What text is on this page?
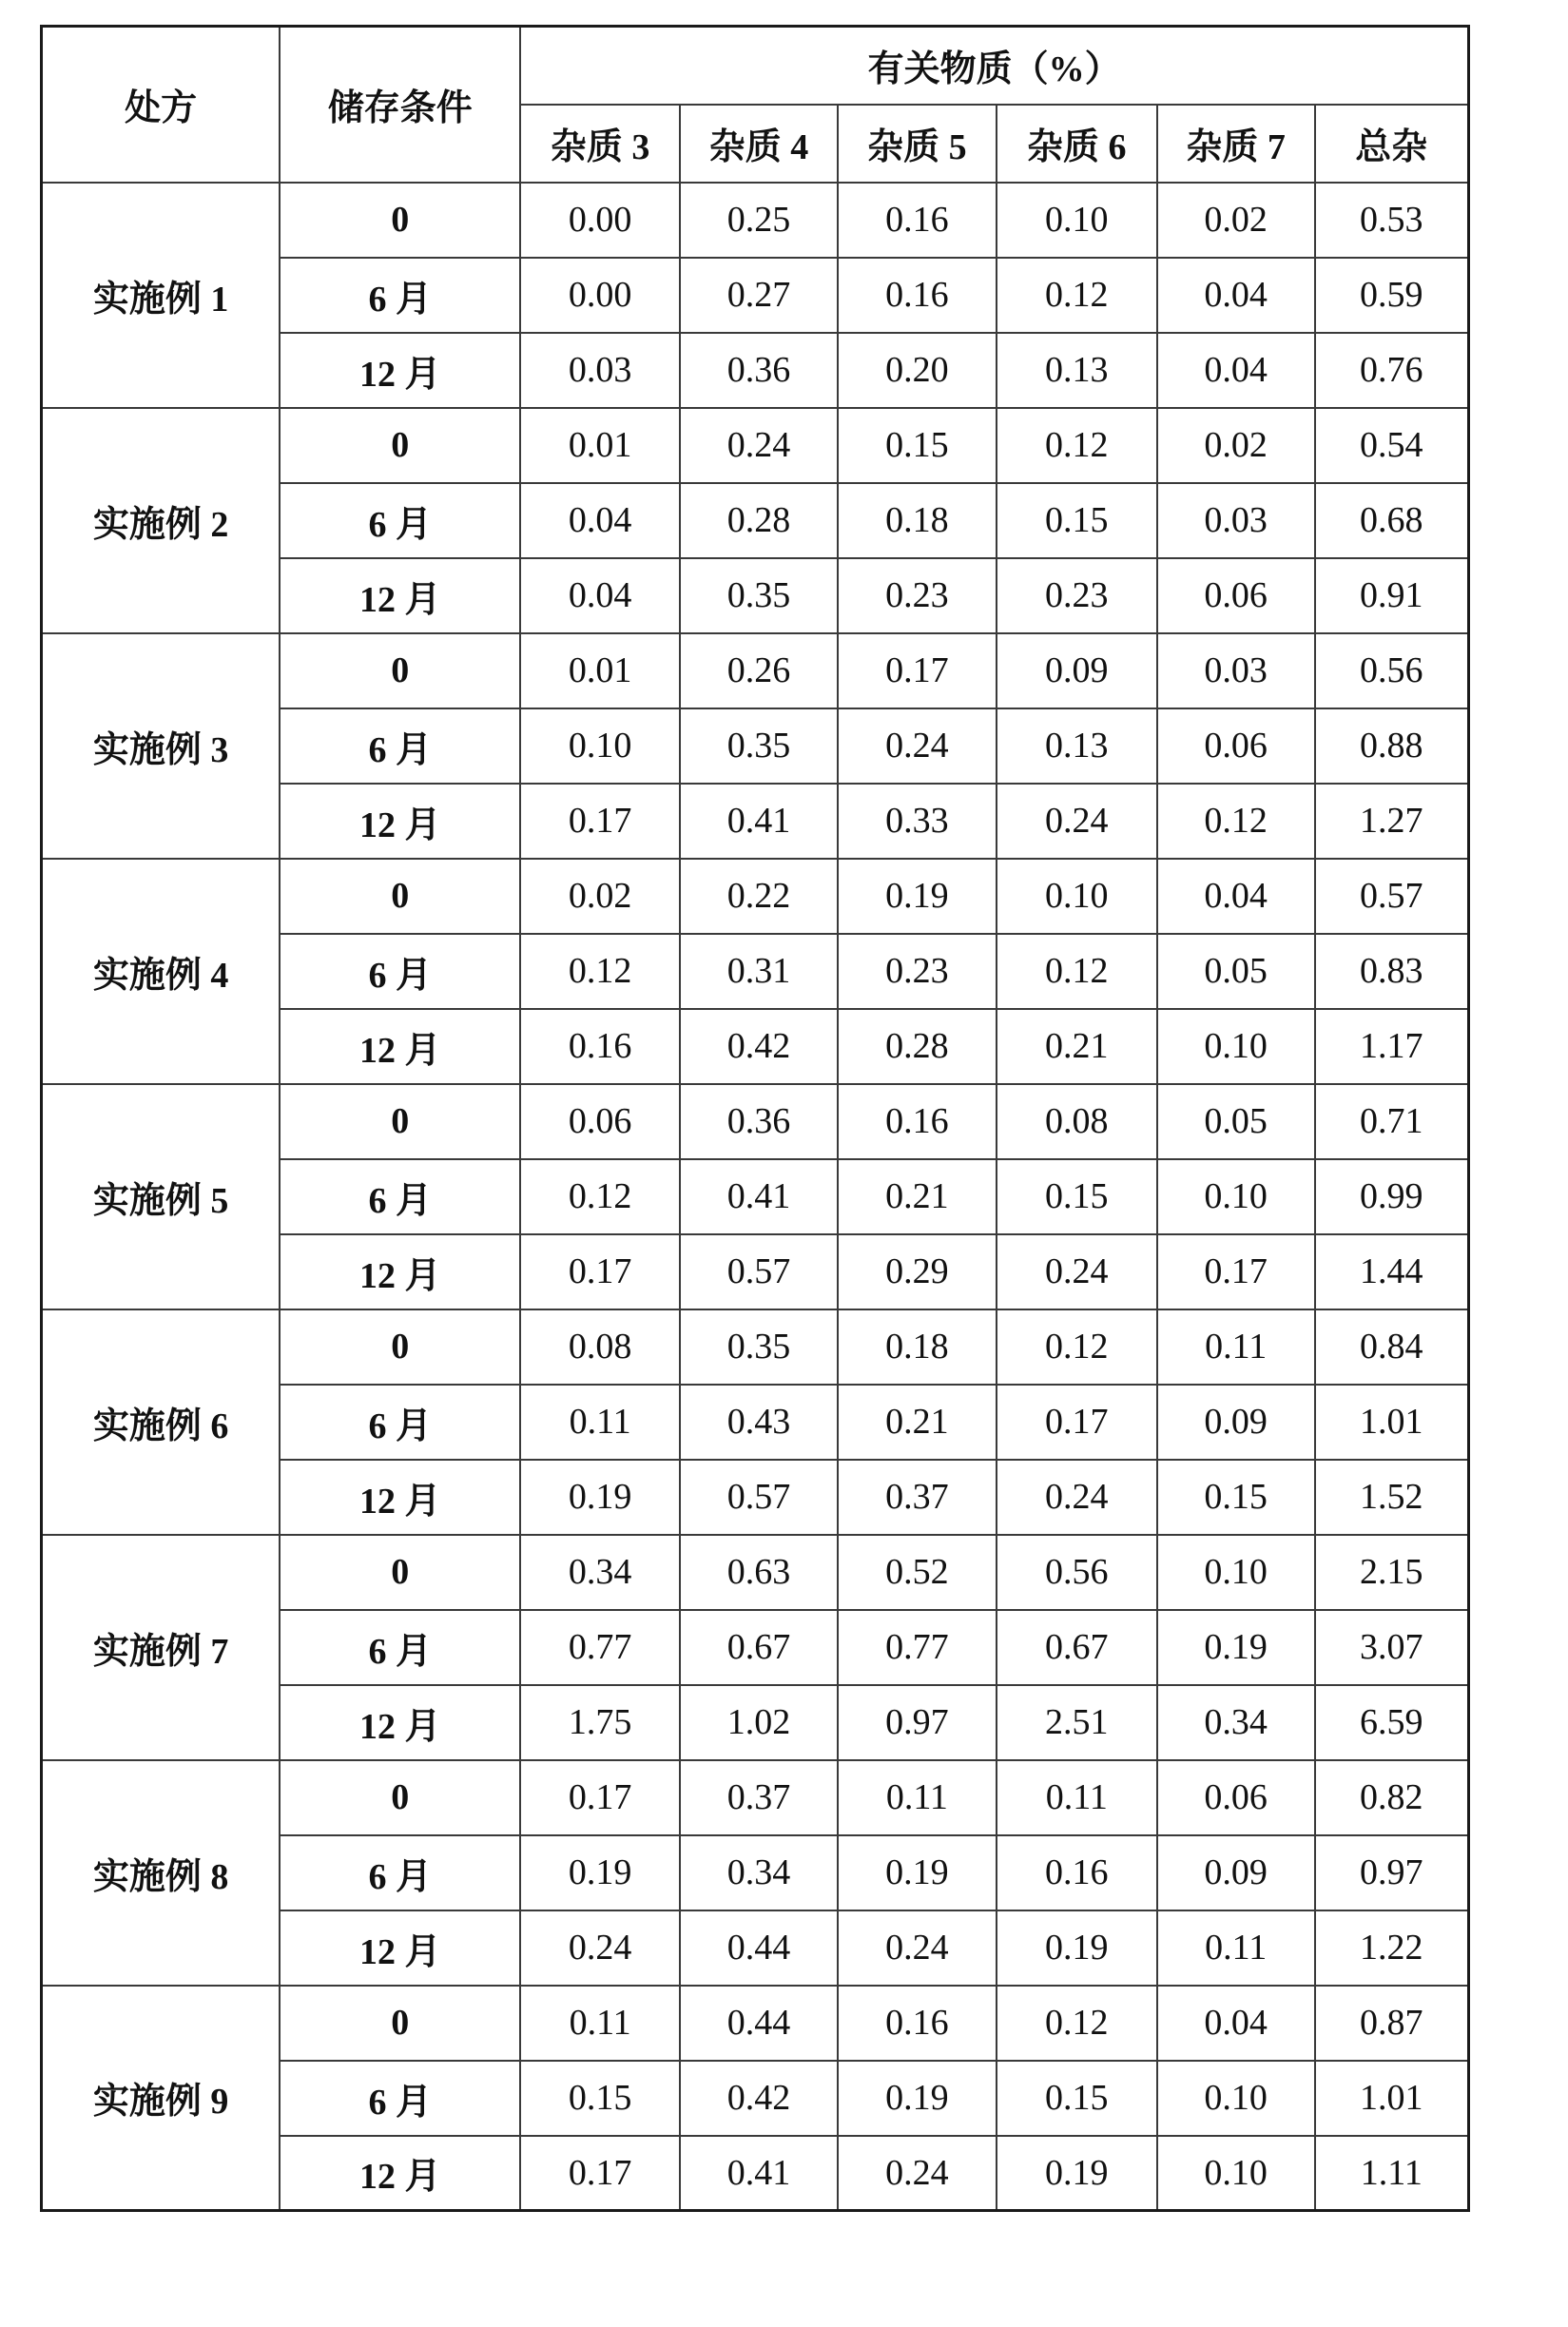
处方	储存条件	有关物质（%）					
		杂质 3	杂质 4	杂质 5	杂质 6	杂质 7	总杂
实施例 1	0	0.00	0.25	0.16	0.10	0.02	0.53
	6 月	0.00	0.27	0.16	0.12	0.04	0.59
	12 月	0.03	0.36	0.20	0.13	0.04	0.76
实施例 2	0	0.01	0.24	0.15	0.12	0.02	0.54
	6 月	0.04	0.28	0.18	0.15	0.03	0.68
	12 月	0.04	0.35	0.23	0.23	0.06	0.91
实施例 3	0	0.01	0.26	0.17	0.09	0.03	0.56
	6 月	0.10	0.35	0.24	0.13	0.06	0.88
	12 月	0.17	0.41	0.33	0.24	0.12	1.27
实施例 4	0	0.02	0.22	0.19	0.10	0.04	0.57
	6 月	0.12	0.31	0.23	0.12	0.05	0.83
	12 月	0.16	0.42	0.28	0.21	0.10	1.17
实施例 5	0	0.06	0.36	0.16	0.08	0.05	0.71
	6 月	0.12	0.41	0.21	0.15	0.10	0.99
	12 月	0.17	0.57	0.29	0.24	0.17	1.44
实施例 6	0	0.08	0.35	0.18	0.12	0.11	0.84
	6 月	0.11	0.43	0.21	0.17	0.09	1.01
	12 月	0.19	0.57	0.37	0.24	0.15	1.52
实施例 7	0	0.34	0.63	0.52	0.56	0.10	2.15
	6 月	0.77	0.67	0.77	0.67	0.19	3.07
	12 月	1.75	1.02	0.97	2.51	0.34	6.59
实施例 8	0	0.17	0.37	0.11	0.11	0.06	0.82
	6 月	0.19	0.34	0.19	0.16	0.09	0.97
	12 月	0.24	0.44	0.24	0.19	0.11	1.22
实施例 9	0	0.11	0.44	0.16	0.12	0.04	0.87
	6 月	0.15	0.42	0.19	0.15	0.10	1.01
	12 月	0.17	0.41	0.24	0.19	0.10	1.11
